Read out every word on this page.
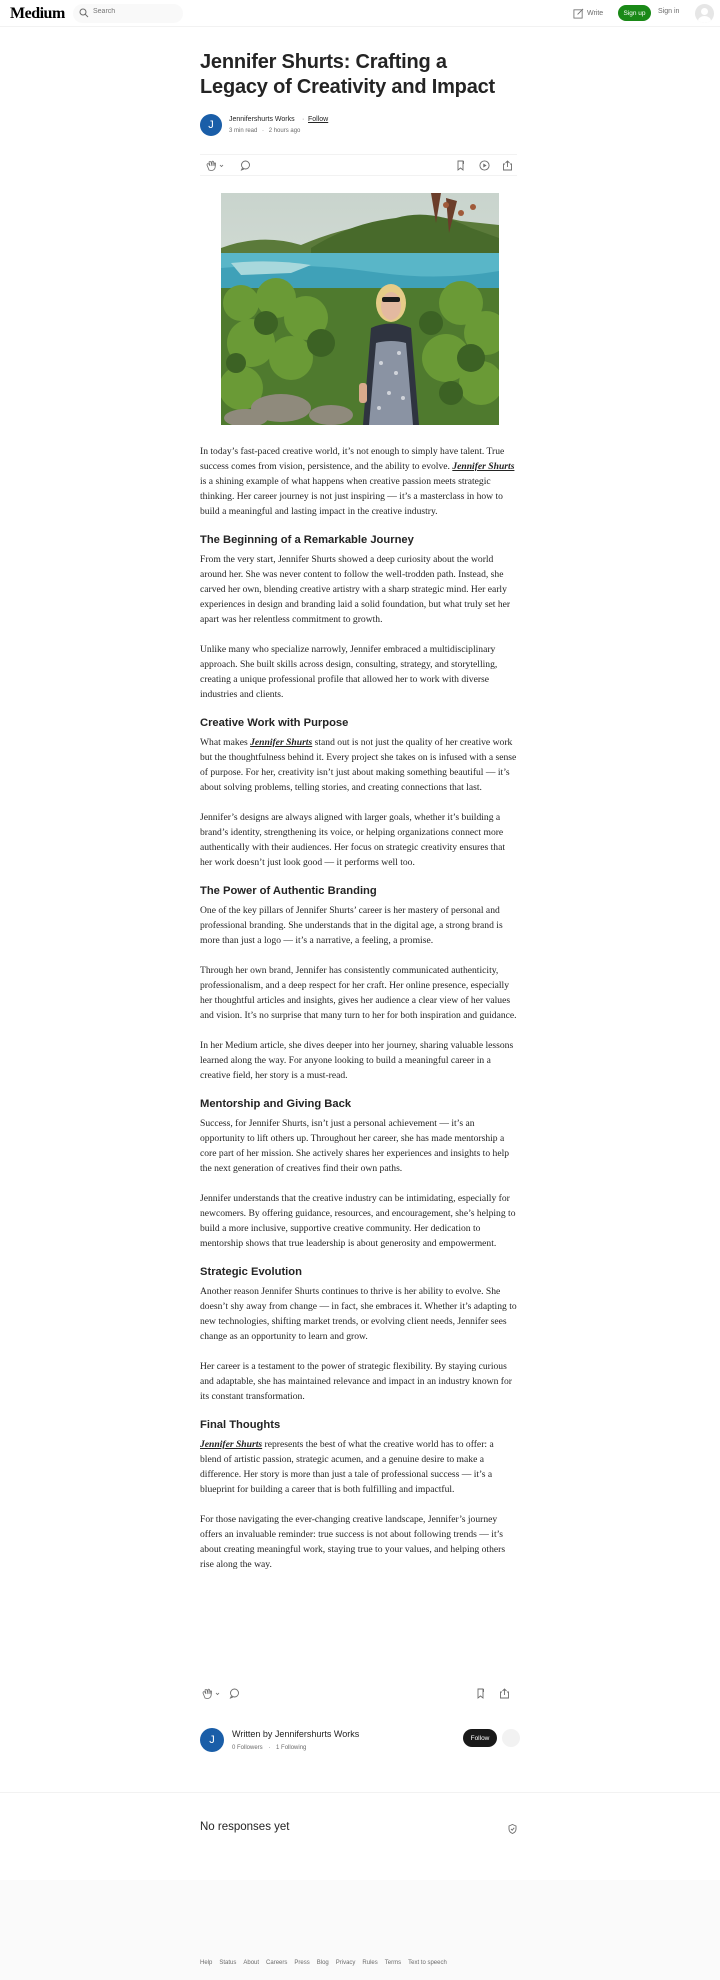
Medium
Search	Write	Sign up	Sign in
Jennifer Shurts: Crafting a Legacy of Creativity and Impact
J	Jennifershurts Works · Follow
3 min read · 2 hours ago

In today’s fast-paced creative world, it’s not enough to simply have talent. True success comes from vision, persistence, and the ability to evolve. Jennifer Shurts is a shining example of what happens when creative passion meets strategic thinking. Her career journey is not just inspiring — it’s a masterclass in how to build a meaningful and lasting impact in the creative industry.

The Beginning of a Remarkable Journey

From the very start, Jennifer Shurts showed a deep curiosity about the world around her. She was never content to follow the well-trodden path. Instead, she carved her own, blending creative artistry with a sharp strategic mind. Her early experiences in design and branding laid a solid foundation, but what truly set her apart was her relentless commitment to growth.

Unlike many who specialize narrowly, Jennifer embraced a multidisciplinary approach. She built skills across design, consulting, strategy, and storytelling, creating a unique professional profile that allowed her to work with diverse industries and clients.

Creative Work with Purpose

What makes Jennifer Shurts stand out is not just the quality of her creative work but the thoughtfulness behind it. Every project she takes on is infused with a sense of purpose. For her, creativity isn’t just about making something beautiful — it’s about solving problems, telling stories, and creating connections that last.

Jennifer’s designs are always aligned with larger goals, whether it’s building a brand’s identity, strengthening its voice, or helping organizations connect more authentically with their audiences. Her focus on strategic creativity ensures that her work doesn’t just look good — it performs well too.

The Power of Authentic Branding

One of the key pillars of Jennifer Shurts’ career is her mastery of personal and professional branding. She understands that in the digital age, a strong brand is more than just a logo — it’s a narrative, a feeling, a promise.

Through her own brand, Jennifer has consistently communicated authenticity, professionalism, and a deep respect for her craft. Her online presence, especially her thoughtful articles and insights, gives her audience a clear view of her values and vision. It’s no surprise that many turn to her for both inspiration and guidance.

In her Medium article, she dives deeper into her journey, sharing valuable lessons learned along the way. For anyone looking to build a meaningful career in a creative field, her story is a must-read.

Mentorship and Giving Back

Success, for Jennifer Shurts, isn’t just a personal achievement — it’s an opportunity to lift others up. Throughout her career, she has made mentorship a core part of her mission. She actively shares her experiences and insights to help the next generation of creatives find their own paths.

Jennifer understands that the creative industry can be intimidating, especially for newcomers. By offering guidance, resources, and encouragement, she’s helping to build a more inclusive, supportive creative community. Her dedication to mentorship shows that true leadership is about generosity and empowerment.

Strategic Evolution

Another reason Jennifer Shurts continues to thrive is her ability to evolve. She doesn’t shy away from change — in fact, she embraces it. Whether it’s adapting to new technologies, shifting market trends, or evolving client needs, Jennifer sees change as an opportunity to learn and grow.

Her career is a testament to the power of strategic flexibility. By staying curious and adaptable, she has maintained relevance and impact in an industry known for its constant transformation.

Final Thoughts

Jennifer Shurts represents the best of what the creative world has to offer: a blend of artistic passion, strategic acumen, and a genuine desire to make a difference. Her story is more than just a tale of professional success — it’s a blueprint for building a career that is both fulfilling and impactful.

For those navigating the ever-changing creative landscape, Jennifer’s journey offers an invaluable reminder: true success is not about following trends — it’s about creating meaningful work, staying true to your values, and helping others rise along the way.

J	Written by Jennifershurts Works
0 Followers · 1 Following
Follow
No responses yet
Help Status About Careers Press Blog Privacy Rules Terms Text to speech
